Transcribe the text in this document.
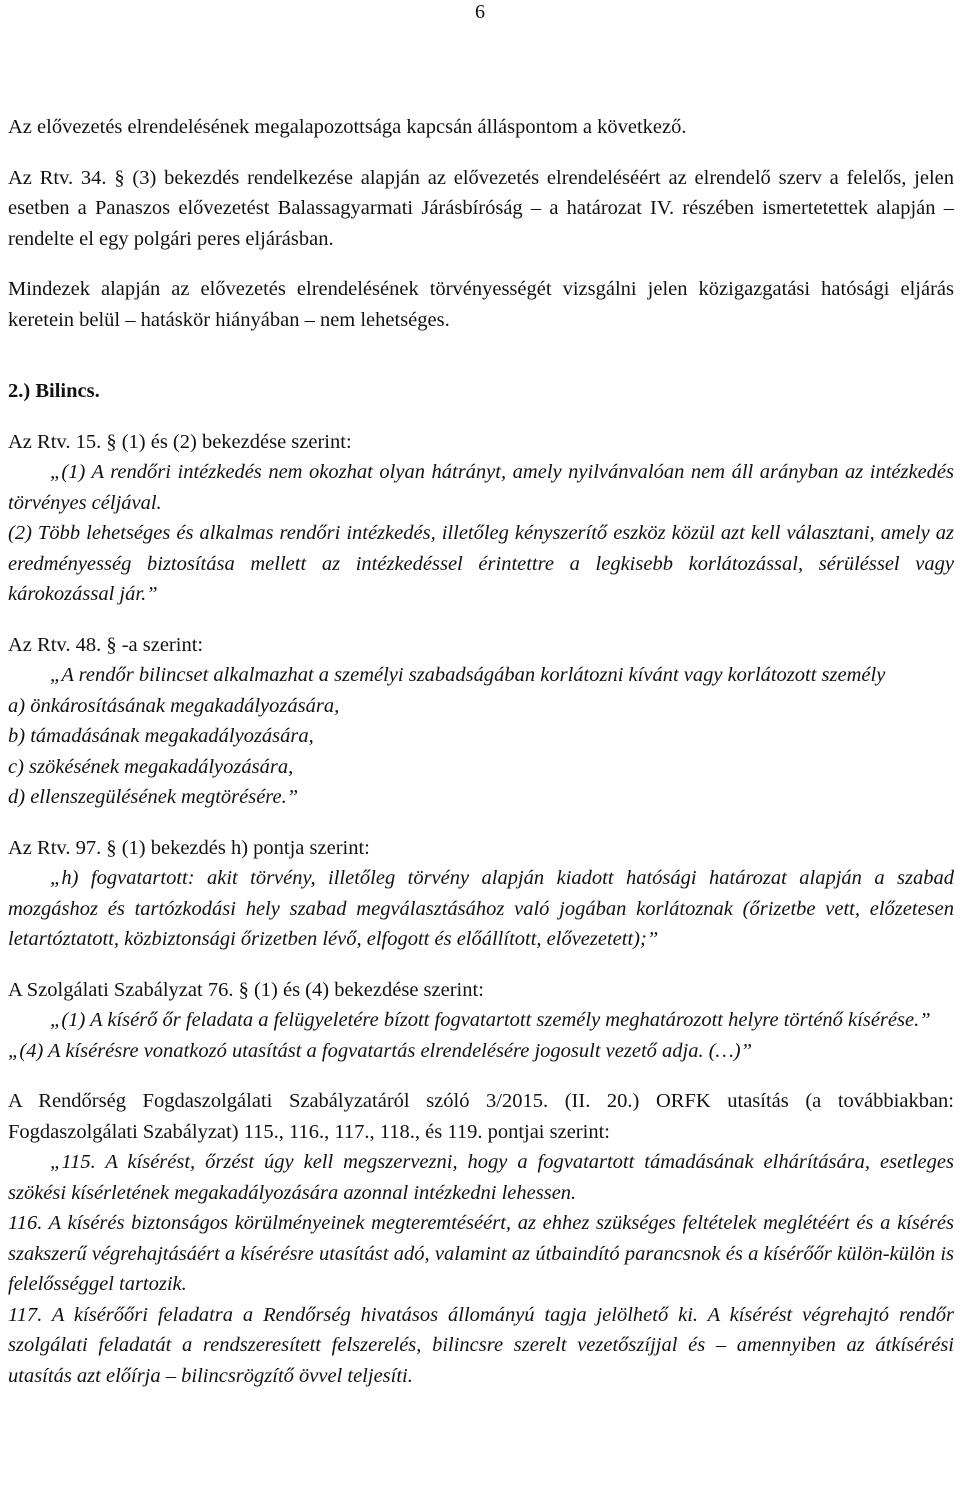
6

Az elővezetés elrendelésének megalapozottsága kapcsán álláspontom a következő.

Az Rtv. 34. § (3) bekezdés rendelkezése alapján az elővezetés elrendeléséért az elrendelő szerv a felelős, jelen esetben a Panaszos elővezetést Balassagyarmati Járásbíróság – a határozat IV. részében ismertetettek alapján – rendelte el egy polgári peres eljárásban.

Mindezek alapján az elővezetés elrendelésének törvényességét vizsgálni jelen közigazgatási hatósági eljárás keretein belül – hatáskör hiányában – nem lehetséges.

2.) Bilincs.

Az Rtv. 15. § (1) és (2) bekezdése szerint:

„(1) A rendőri intézkedés nem okozhat olyan hátrányt, amely nyilvánvalóan nem áll arányban az intézkedés törvényes céljával.

(2) Több lehetséges és alkalmas rendőri intézkedés, illetőleg kényszerítő eszköz közül azt kell választani, amely az eredményesség biztosítása mellett az intézkedéssel érintettre a legkisebb korlátozással, sérüléssel vagy károkozással jár.”

Az Rtv. 48. § -a szerint:

„A rendőr bilincset alkalmazhat a személyi szabadságában korlátozni kívánt vagy korlátozott személy

a) önkárosításának megakadályozására,

b) támadásának megakadályozására,

c) szökésének megakadályozására,

d) ellenszegülésének megtörésére.”

Az Rtv. 97. § (1) bekezdés h) pontja szerint:

„h) fogvatartott: akit törvény, illetőleg törvény alapján kiadott hatósági határozat alapján a szabad mozgáshoz és tartózkodási hely szabad megválasztásához való jogában korlátoznak (őrizetbe vett, előzetesen letartóztatott, közbiztonsági őrizetben lévő, elfogott és előállított, elővezetett);”

A Szolgálati Szabályzat 76. § (1) és (4) bekezdése szerint:

„(1) A kísérő őr feladata a felügyeletére bízott fogvatartott személy meghatározott helyre történő kísérése.”

„(4) A kísérésre vonatkozó utasítást a fogvatartás elrendelésére jogosult vezető adja. (…)”

A Rendőrség Fogdaszolgálati Szabályzatáról szóló 3/2015. (II. 20.) ORFK utasítás (a továbbiakban: Fogdaszolgálati Szabályzat) 115., 116., 117., 118., és 119. pontjai szerint:

„115. A kísérést, őrzést úgy kell megszervezni, hogy a fogvatartott támadásának elhárítására, esetleges szökési kísérletének megakadályozására azonnal intézkedni lehessen.

116. A kísérés biztonságos körülményeinek megteremtéséért, az ehhez szükséges feltételek meglétéért és a kísérés szakszerű végrehajtásáért a kísérésre utasítást adó, valamint az útbaindító parancsnok és a kísérőőr külön-külön is felelősséggel tartozik.

117. A kísérőőri feladatra a Rendőrség hivatásos állományú tagja jelölhető ki. A kísérést végrehajtó rendőr szolgálati feladatát a rendszeresített felszerelés, bilincsre szerelt vezetőszíjjal és – amennyiben az átkísérési utasítás azt előírja – bilincsrögzítő övvel teljesíti.
